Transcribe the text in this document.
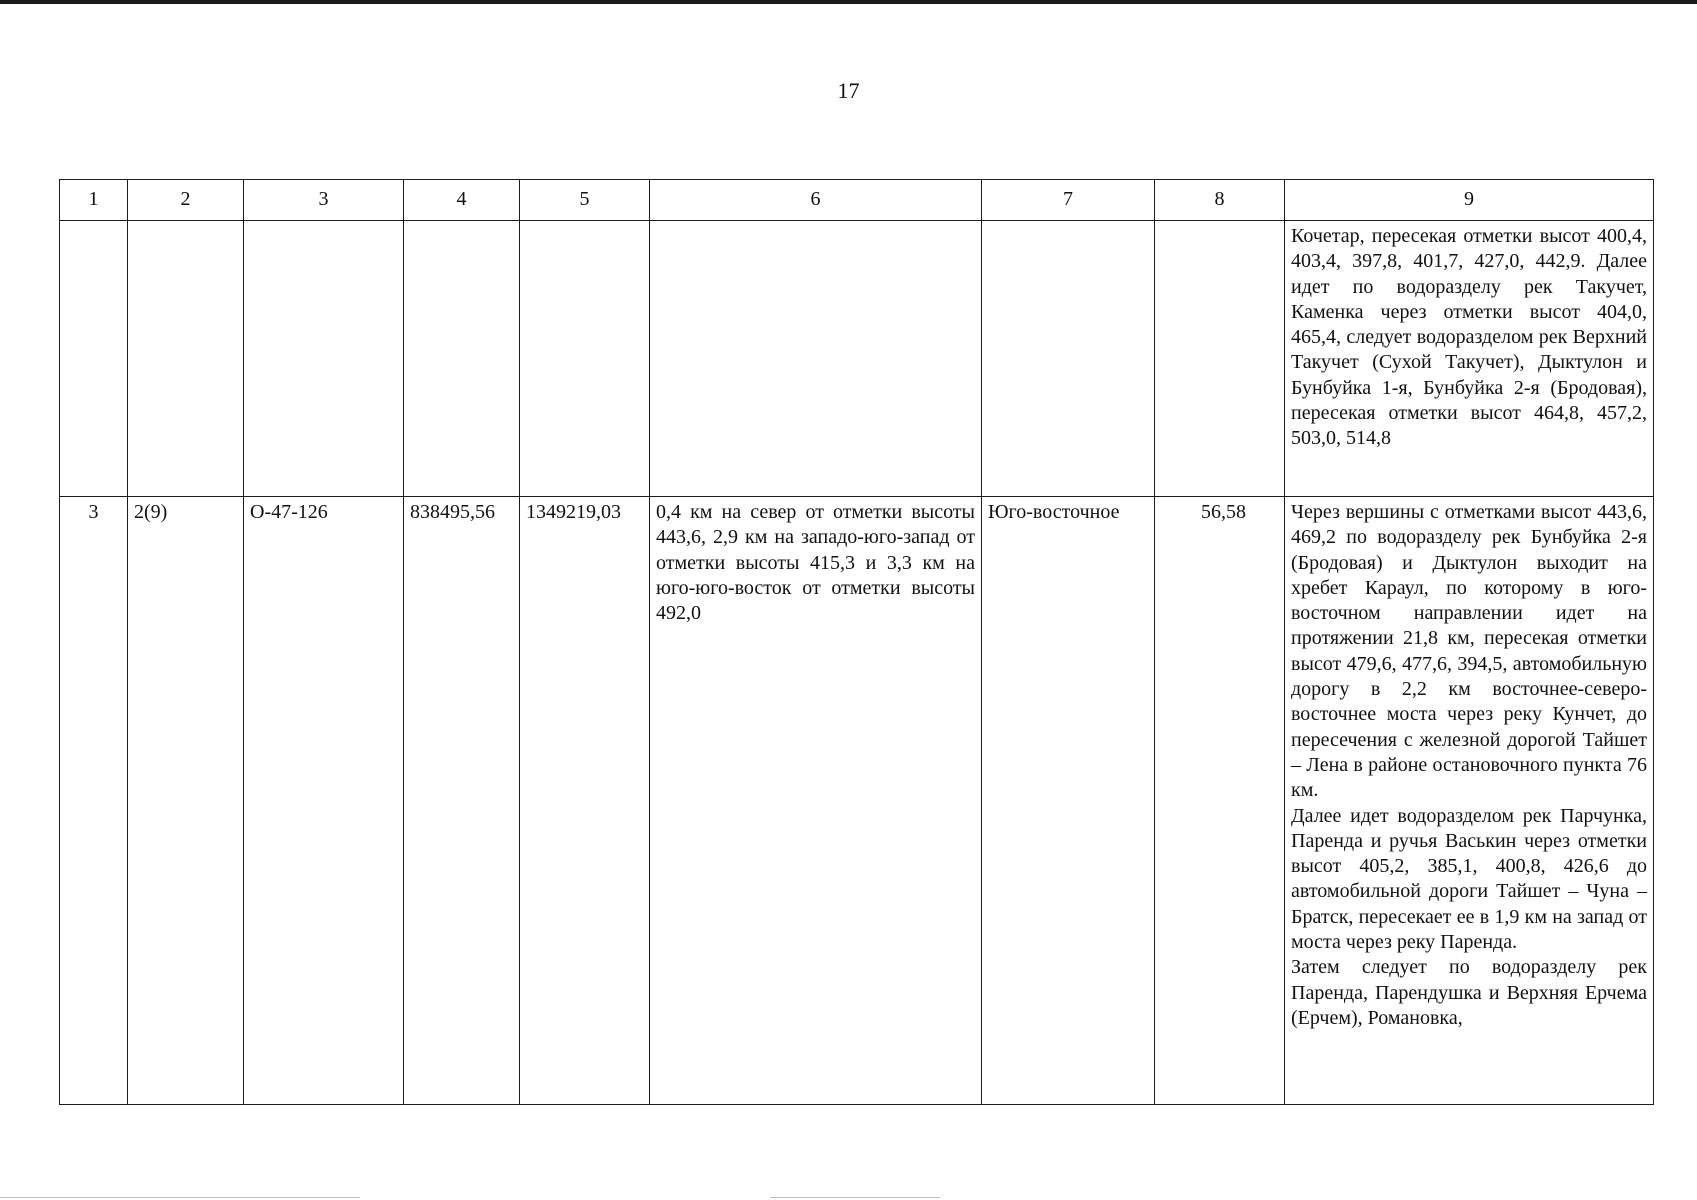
17
1	2	3	4	5	6	7	8	9
								Кочетар, пересекая отметки высот 400,4, 403,4, 397,8, 401,7, 427,0, 442,9. Далее идет по водоразделу рек Такучет, Каменка через отметки высот 404,0, 465,4, следует водоразделом рек Верхний Такучет (Сухой Такучет), Дыктулон и Бунбуйка 1-я, Бунбуйка 2-я (Бродовая), пересекая отметки высот 464,8, 457,2, 503,0, 514,8
3	2(9)	О-47-126	838495,56	1349219,03	0,4 км на север от отметки высоты 443,6, 2,9 км на западо-юго-запад от отметки высоты 415,3 и 3,3 км на юго-юго-восток от отметки высоты 492,0	Юго-восточное	56,58	Через вершины с отметками высот 443,6, 469,2 по водоразделу рек Бунбуйка 2-я (Бродовая) и Дыктулон выходит на хребет Караул, по которому в юго-восточном направлении идет на протяжении 21,8 км, пересекая отметки высот 479,6, 477,6, 394,5, автомобильную дорогу в 2,2 км восточнее-северо-восточнее моста через реку Кунчет, до пересечения с железной дорогой Тайшет – Лена в районе остановочного пункта 76 км.
Далее идет водоразделом рек Парчунка, Паренда и ручья Васькин через отметки высот 405,2, 385,1, 400,8, 426,6 до автомобильной дороги Тайшет – Чуна – Братск, пересекает ее в 1,9 км на запад от моста через реку Паренда.
Затем следует по водоразделу рек Паренда, Парендушка и Верхняя Ерчема (Ерчем), Романовка,
